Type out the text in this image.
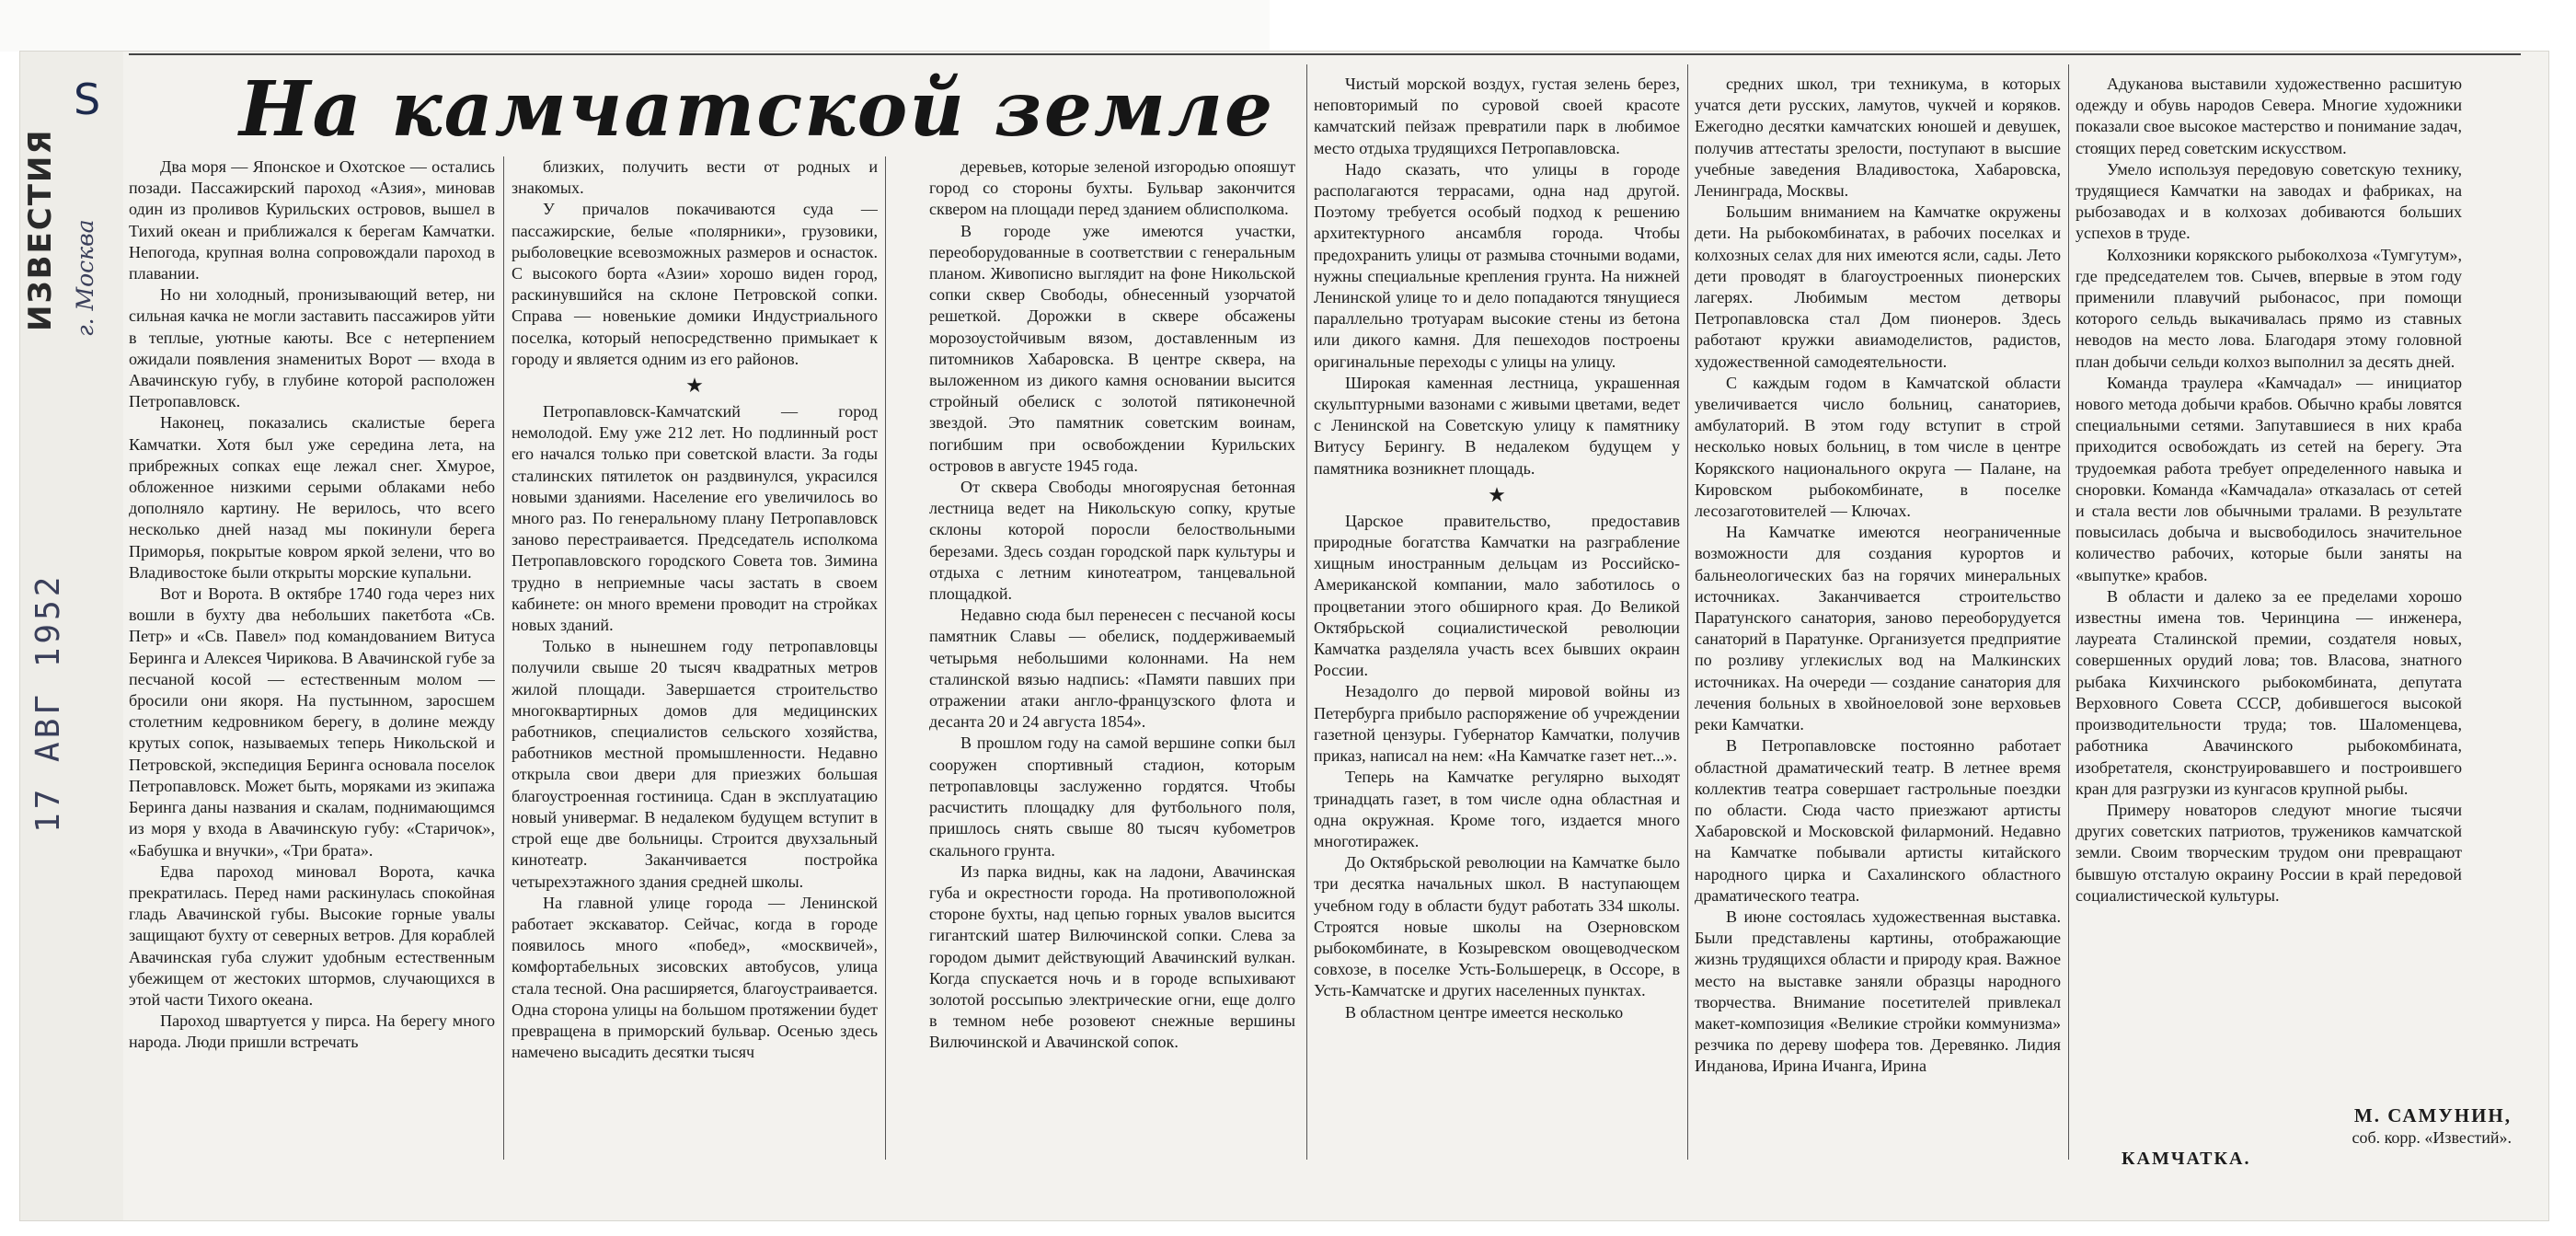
S
17 АВГ 1952
На камчатской земле

Два моря — Японское и Охотское — остались позади. Пассажирский пароход «Азия», миновав один из проливов Курильских островов, вышел в Тихий океан и приближался к берегам Камчатки. Непогода, крупная волна сопровождали пароход в плавании.

Но ни холодный, пронизывающий ветер, ни сильная качка не могли заставить пассажиров уйти в теплые, уютные каюты. Все с нетерпением ожидали появления знаменитых Ворот — входа в Авачинскую губу, в глубине которой расположен Петропавловск.

Наконец, показались скалистые берега Камчатки. Хотя был уже середина лета, на прибрежных сопках еще лежал снег. Хмурое, обложенное низкими серыми облаками небо дополняло картину. Не верилось, что всего несколько дней назад мы покинули берега Приморья, покрытые ковром яркой зелени, что во Владивостоке были открыты морские купальни.

Вот и Ворота. В октябре 1740 года через них вошли в бухту два небольших пакетбота «Св. Петр» и «Св. Павел» под командованием Витуса Беринга и Алексея Чирикова. В Авачинской губе за песчаной косой — естественным молом — бросили они якоря. На пустынном, заросшем столетним кедровником берегу, в долине между крутых сопок, называемых теперь Никольской и Петровской, экспедиция Беринга основала поселок Петропавловск. Может быть, моряками из экипажа Беринга даны названия и скалам, поднимающимся из моря у входа в Авачинскую губу: «Старичок», «Бабушка и внучки», «Три брата».

Едва пароход миновал Ворота, качка прекратилась. Перед нами раскинулась спокойная гладь Авачинской губы. Высокие горные увалы защищают бухту от северных ветров. Для кораблей Авачинская губа служит удобным естественным убежищем от жестоких штормов, случающихся в этой части Тихого океана.

Пароход швартуется у пирса. На берегу много народа. Люди пришли встречать

близких, получить вести от родных и знакомых.

У причалов покачиваются суда — пассажирские, белые «полярники», грузовики, рыболовецкие всевозможных размеров и оснасток. С высокого борта «Азии» хорошо виден город, раскинувшийся на склоне Петровской сопки. Справа — новенькие домики Индустриального поселка, который непосредственно примыкает к городу и является одним из его районов.

★

Петропавловск-Камчатский — город немолодой. Ему уже 212 лет. Но подлинный рост его начался только при советской власти. За годы сталинских пятилеток он раздвинулся, украсился новыми зданиями. Население его увеличилось во много раз. По генеральному плану Петропавловск заново перестраивается. Председатель исполкома Петропавловского городского Совета тов. Зимина трудно в неприемные часы застать в своем кабинете: он много времени проводит на стройках новых зданий.

Только в нынешнем году петропавловцы получили свыше 20 тысяч квадратных метров жилой площади. Завершается строительство многоквартирных домов для медицинских работников, специалистов сельского хозяйства, работников местной промышленности. Недавно открыла свои двери для приезжих большая благоустроенная гостиница. Сдан в эксплуатацию новый универмаг. В недалеком будущем вступит в строй еще две больницы. Строится двухзальный кинотеатр. Заканчивается постройка четырехэтажного здания средней школы.

На главной улице города — Ленинской работает экскаватор. Сейчас, когда в городе появилось много «побед», «москвичей», комфортабельных зисовских автобусов, улица стала тесной. Она расширяется, благоустраивается. Одна сторона улицы на большом протяжении будет превращена в приморский бульвар. Осенью здесь намечено высадить десятки тысяч

деревьев, которые зеленой изгородью опояшут город со стороны бухты. Бульвар закончится сквером на площади перед зданием облисполкома.

В городе уже имеются участки, переоборудованные в соответствии с генеральным планом. Живописно выглядит на фоне Никольской сопки сквер Свободы, обнесенный узорчатой решеткой. Дорожки в сквере обсажены морозоустойчивым вязом, доставленным из питомников Хабаровска. В центре сквера, на выложенном из дикого камня основании высится стройный обелиск с золотой пятиконечной звездой. Это памятник советским воинам, погибшим при освобождении Курильских островов в августе 1945 года.

От сквера Свободы многоярусная бетонная лестница ведет на Никольскую сопку, крутые склоны которой поросли белоствольными березами. Здесь создан городской парк культуры и отдыха с летним кинотеатром, танцевальной площадкой.

Недавно сюда был перенесен с песчаной косы памятник Славы — обелиск, поддерживаемый четырьмя небольшими колоннами. На нем сталинской вязью надпись: «Памяти павших при отражении атаки англо-французского флота и десанта 20 и 24 августа 1854».

В прошлом году на самой вершине сопки был сооружен спортивный стадион, которым петропавловцы заслуженно гордятся. Чтобы расчистить площадку для футбольного поля, пришлось снять свыше 80 тысяч кубометров скального грунта.

Из парка видны, как на ладони, Авачинская губа и окрестности города. На противоположной стороне бухты, над цепью горных увалов высится гигантский шатер Вилючинской сопки. Слева за городом дымит действующий Авачинский вулкан. Когда спускается ночь и в городе вспыхивают золотой россыпью электрические огни, еще долго в темном небе розовеют снежные вершины Вилючинской и Авачинской сопок.

Чистый морской воздух, густая зелень берез, неповторимый по суровой своей красоте камчатский пейзаж превратили парк в любимое место отдыха трудящихся Петропавловска.

Надо сказать, что улицы в городе располагаются террасами, одна над другой. Поэтому требуется особый подход к решению архитектурного ансамбля города. Чтобы предохранить улицы от размыва сточными водами, нужны специальные крепления грунта. На нижней Ленинской улице то и дело попадаются тянущиеся параллельно тротуарам высокие стены из бетона или дикого камня. Для пешеходов построены оригинальные переходы с улицы на улицу.

Широкая каменная лестница, украшенная скульптурными вазонами с живыми цветами, ведет с Ленинской на Советскую улицу к памятнику Витусу Берингу. В недалеком будущем у памятника возникнет площадь.

★

Царское правительство, предоставив природные богатства Камчатки на разграбление хищным иностранным дельцам из Российско-Американской компании, мало заботилось о процветании этого обширного края. До Великой Октябрьской социалистической революции Камчатка разделяла участь всех бывших окраин России.

Незадолго до первой мировой войны из Петербурга прибыло распоряжение об учреждении газетной цензуры. Губернатор Камчатки, получив приказ, написал на нем: «На Камчатке газет нет...».

Теперь на Камчатке регулярно выходят тринадцать газет, в том числе одна областная и одна окружная. Кроме того, издается много многотиражек.

До Октябрьской революции на Камчатке было три десятка начальных школ. В наступающем учебном году в области будут работать 334 школы. Строятся новые школы на Озерновском рыбокомбинате, в Козыревском овощеводческом совхозе, в поселке Усть-Большерецк, в Оссоре, в Усть-Камчатске и других населенных пунктах.

В областном центре имеется несколько

средних школ, три техникума, в которых учатся дети русских, ламутов, чукчей и коряков. Ежегодно десятки камчатских юношей и девушек, получив аттестаты зрелости, поступают в высшие учебные заведения Владивостока, Хабаровска, Ленинграда, Москвы.

Большим вниманием на Камчатке окружены дети. На рыбокомбинатах, в рабочих поселках и колхозных селах для них имеются ясли, сады. Лето дети проводят в благоустроенных пионерских лагерях. Любимым местом детворы Петропавловска стал Дом пионеров. Здесь работают кружки авиамоделистов, радистов, художественной самодеятельности.

С каждым годом в Камчатской области увеличивается число больниц, санаториев, амбулаторий. В этом году вступит в строй несколько новых больниц, в том числе в центре Корякского национального округа — Палане, на Кировском рыбокомбинате, в поселке лесозаготовителей — Ключах.

На Камчатке имеются неограниченные возможности для создания курортов и бальнеологических баз на горячих минеральных источниках. Заканчивается строительство Паратунского санатория, заново переоборудуется санаторий в Паратунке. Организуется предприятие по розливу углекислых вод на Малкинских источниках. На очереди — создание санатория для лечения больных в хвойноеловой зоне верховьев реки Камчатки.

В Петропавловске постоянно работает областной драматический театр. В летнее время коллектив театра совершает гастрольные поездки по области. Сюда часто приезжают артисты Хабаровской и Московской филармоний. Недавно на Камчатке побывали артисты китайского народного цирка и Сахалинского областного драматического театра.

В июне состоялась художественная выставка. Были представлены картины, отображающие жизнь трудящихся области и природу края. Важное место на выставке заняли образцы народного творчества. Внимание посетителей привлекал макет-композиция «Великие стройки коммунизма» резчика по дереву шофера тов. Деревянко. Лидия Инданова, Ирина Ичанга, Ирина

Адуканова выставили художественно расшитую одежду и обувь народов Севера. Многие художники показали свое высокое мастерство и понимание задач, стоящих перед советским искусством.

Умело используя передовую советскую технику, трудящиеся Камчатки на заводах и фабриках, на рыбозаводах и в колхозах добиваются больших успехов в труде.

Колхозники корякского рыбоколхоза «Тумгутум», где председателем тов. Сычев, впервые в этом году применили плавучий рыбонасос, при помощи которого сельдь выкачивалась прямо из ставных неводов на место лова. Благодаря этому головной план добычи сельди колхоз выполнил за десять дней.

Команда траулера «Камчадал» — инициатор нового метода добычи крабов. Обычно крабы ловятся специальными сетями. Запутавшиеся в них краба приходится освобождать из сетей на берегу. Эта трудоемкая работа требует определенного навыка и сноровки. Команда «Камчадала» отказалась от сетей и стала вести лов обычными тралами. В результате повысилась добыча и высвободилось значительное количество рабочих, которые были заняты на «выпутке» крабов.

В области и далеко за ее пределами хорошо известны имена тов. Черинцина — инженера, лауреата Сталинской премии, создателя новых, совершенных орудий лова; тов. Власова, знатного рыбака Кихчинского рыбокомбината, депутата Верховного Совета СССР, добившегося высокой производительности труда; тов. Шаломенцева, работника Авачинского рыбокомбината, изобретателя, сконструировавшего и построившего кран для разгрузки из кунгасов крупной рыбы.

Примеру новаторов следуют многие тысячи других советских патриотов, тружеников камчатской земли. Своим творческим трудом они превращают бывшую отсталую окраину России в край передовой социалистической культуры.

М. САМУНИН,
соб. корр. «Известий».
КАМЧАТКА.
